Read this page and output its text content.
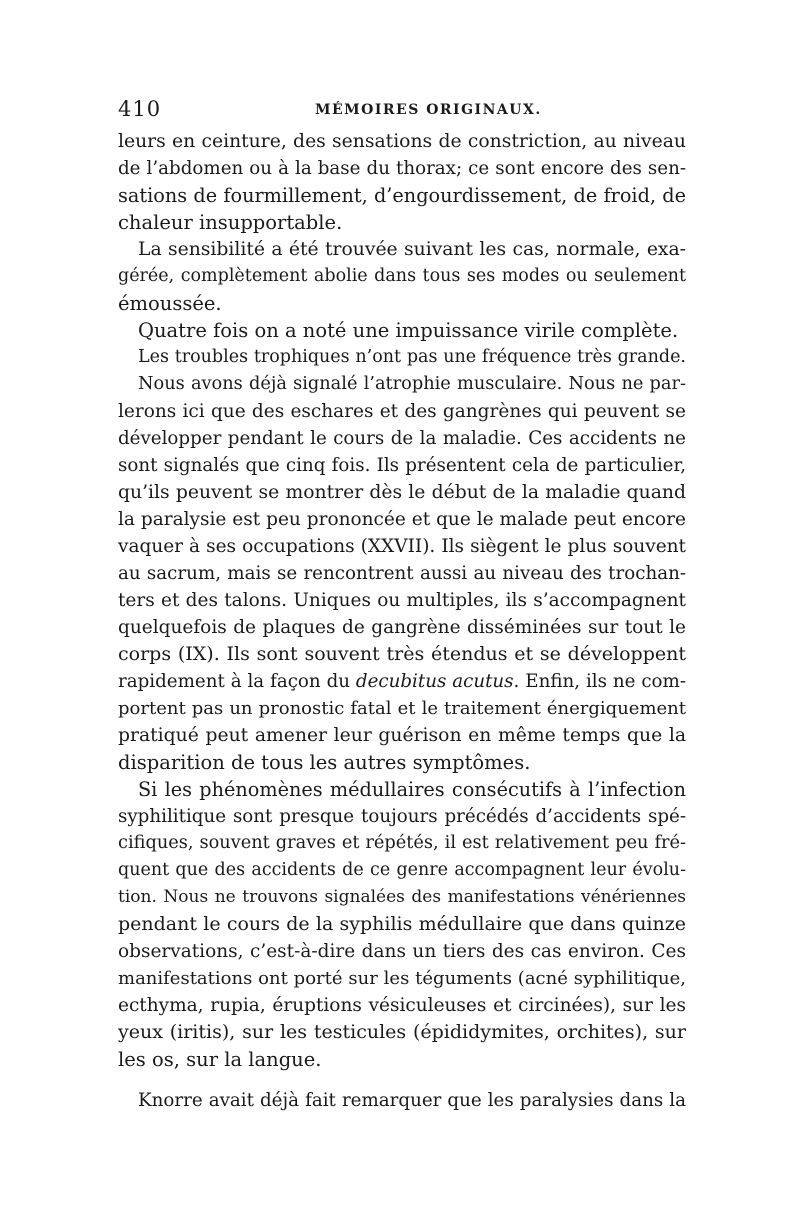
410	MÉMOIRES ORIGINAUX.
leurs en ceinture, des sensations de constriction, au niveau
de l’abdomen ou à la base du thorax; ce sont encore des sen-
sations de fourmillement, d’engourdissement, de froid, de
chaleur insupportable.
La sensibilité a été trouvée suivant les cas, normale, exa-
gérée, complètement abolie dans tous ses modes ou seulement
émoussée.
Quatre fois on a noté une impuissance virile complète.
Les troubles trophiques n’ont pas une fréquence très grande.
Nous avons déjà signalé l’atrophie musculaire. Nous ne par-
lerons ici que des eschares et des gangrènes qui peuvent se
développer pendant le cours de la maladie. Ces accidents ne
sont signalés que cinq fois. Ils présentent cela de particulier,
qu’ils peuvent se montrer dès le début de la maladie quand
la paralysie est peu prononcée et que le malade peut encore
vaquer à ses occupations (XXVII). Ils siègent le plus souvent
au sacrum, mais se rencontrent aussi au niveau des trochan-
ters et des talons. Uniques ou multiples, ils s’accompagnent
quelquefois de plaques de gangrène disséminées sur tout le
corps (IX). Ils sont souvent très étendus et se développent
rapidement à la façon du decubitus acutus. Enfin, ils ne com-
portent pas un pronostic fatal et le traitement énergiquement
pratiqué peut amener leur guérison en même temps que la
disparition de tous les autres symptômes.
Si les phénomènes médullaires consécutifs à l’infection
syphilitique sont presque toujours précédés d’accidents spé-
cifiques, souvent graves et répétés, il est relativement peu fré-
quent que des accidents de ce genre accompagnent leur évolu-
tion. Nous ne trouvons signalées des manifestations vénériennes
pendant le cours de la syphilis médullaire que dans quinze
observations, c’est-à-dire dans un tiers des cas environ. Ces
manifestations ont porté sur les téguments (acné syphilitique,
ecthyma, rupia, éruptions vésiculeuses et circinées), sur les
yeux (iritis), sur les testicules (épididymites, orchites), sur
les os, sur la langue.
Knorre avait déjà fait remarquer que les paralysies dans la
